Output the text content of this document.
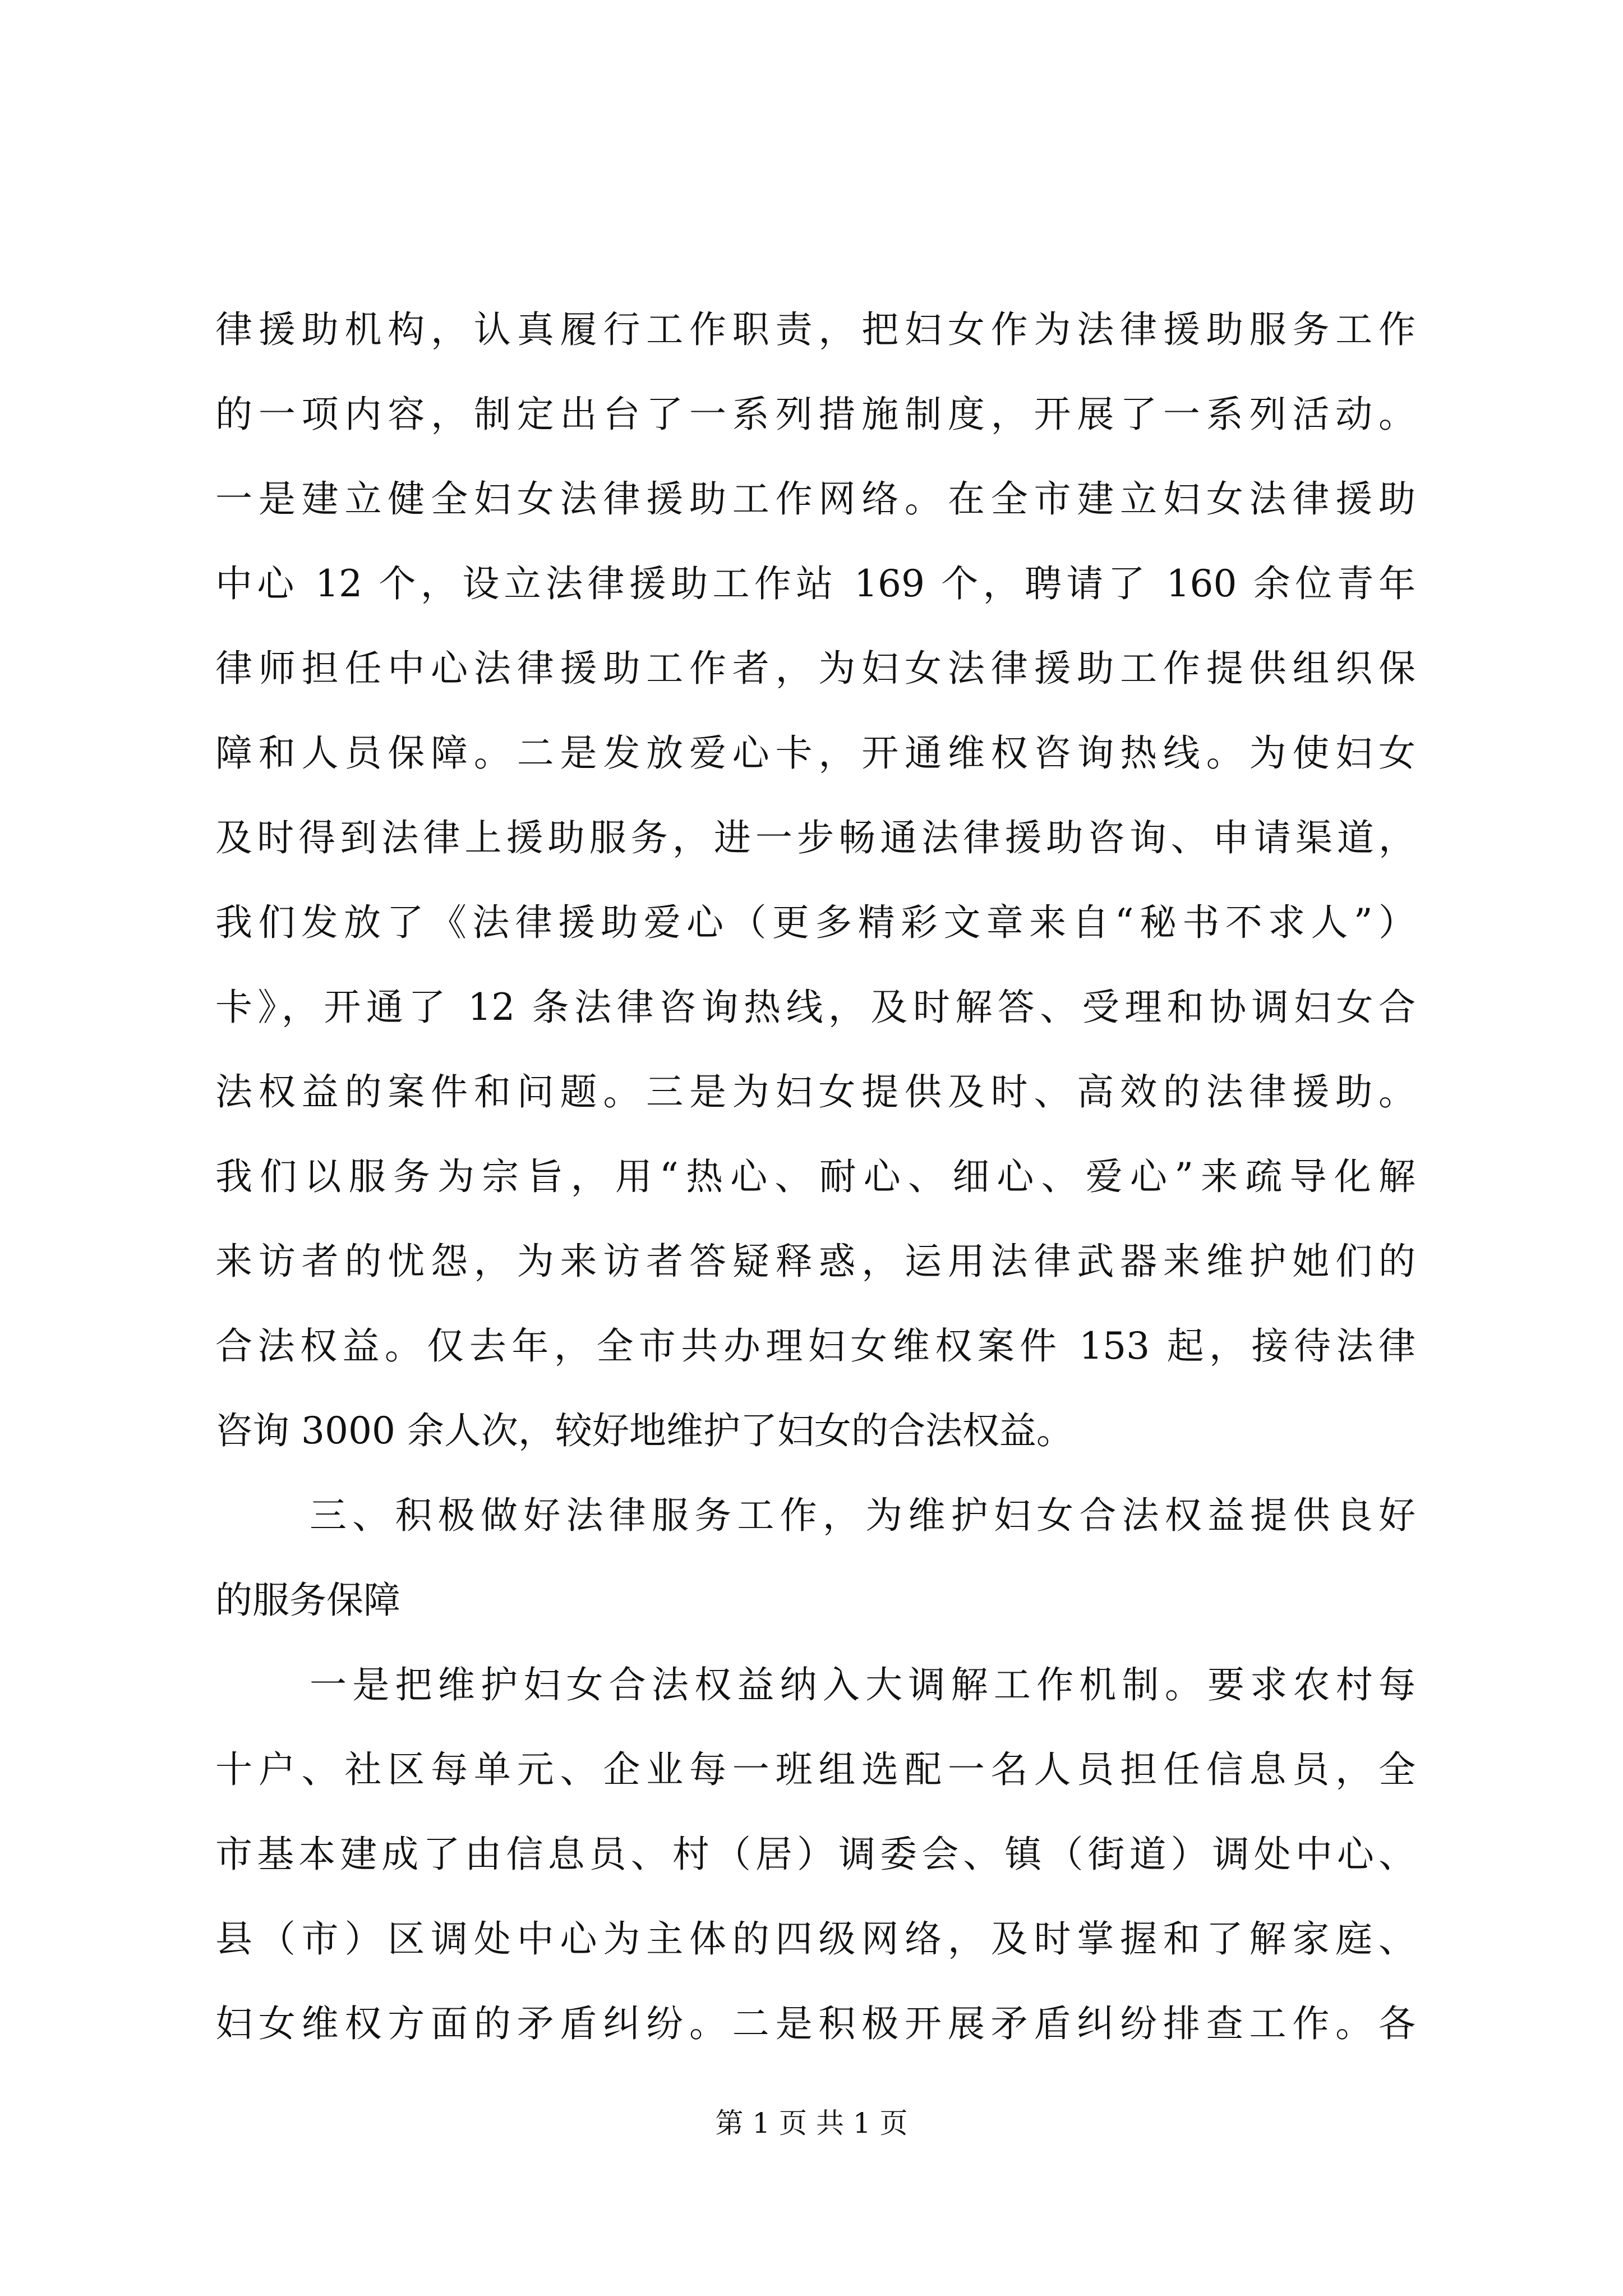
律援助机构，认真履行工作职责，把妇女作为法律援助服务工作
的一项内容，制定出台了一系列措施制度，开展了一系列活动。
一是建立健全妇女法律援助工作网络。在全市建立妇女法律援助
中心 12 个，设立法律援助工作站 169 个，聘请了 160 余位青年
律师担任中心法律援助工作者，为妇女法律援助工作提供组织保
障和人员保障。二是发放爱心卡，开通维权咨询热线。为使妇女
及时得到法律上援助服务，进一步畅通法律援助咨询、申请渠道，
我们发放了《法律援助爱心（更多精彩文章来自“秘书不求人”）
卡》，开通了 12 条法律咨询热线，及时解答、受理和协调妇女合
法权益的案件和问题。三是为妇女提供及时、高效的法律援助。
我们以服务为宗旨，用“热心、耐心、细心、爱心”来疏导化解
来访者的忧怨，为来访者答疑释惑，运用法律武器来维护她们的
合法权益。仅去年，全市共办理妇女维权案件 153 起，接待法律
咨询 3000 余人次，较好地维护了妇女的合法权益。
三、积极做好法律服务工作，为维护妇女合法权益提供良好
的服务保障
一是把维护妇女合法权益纳入大调解工作机制。要求农村每
十户、社区每单元、企业每一班组选配一名人员担任信息员，全
市基本建成了由信息员、村（居）调委会、镇（街道）调处中心、
县（市）区调处中心为主体的四级网络，及时掌握和了解家庭、
妇女维权方面的矛盾纠纷。二是积极开展矛盾纠纷排查工作。各
第 1 页 共 1 页
